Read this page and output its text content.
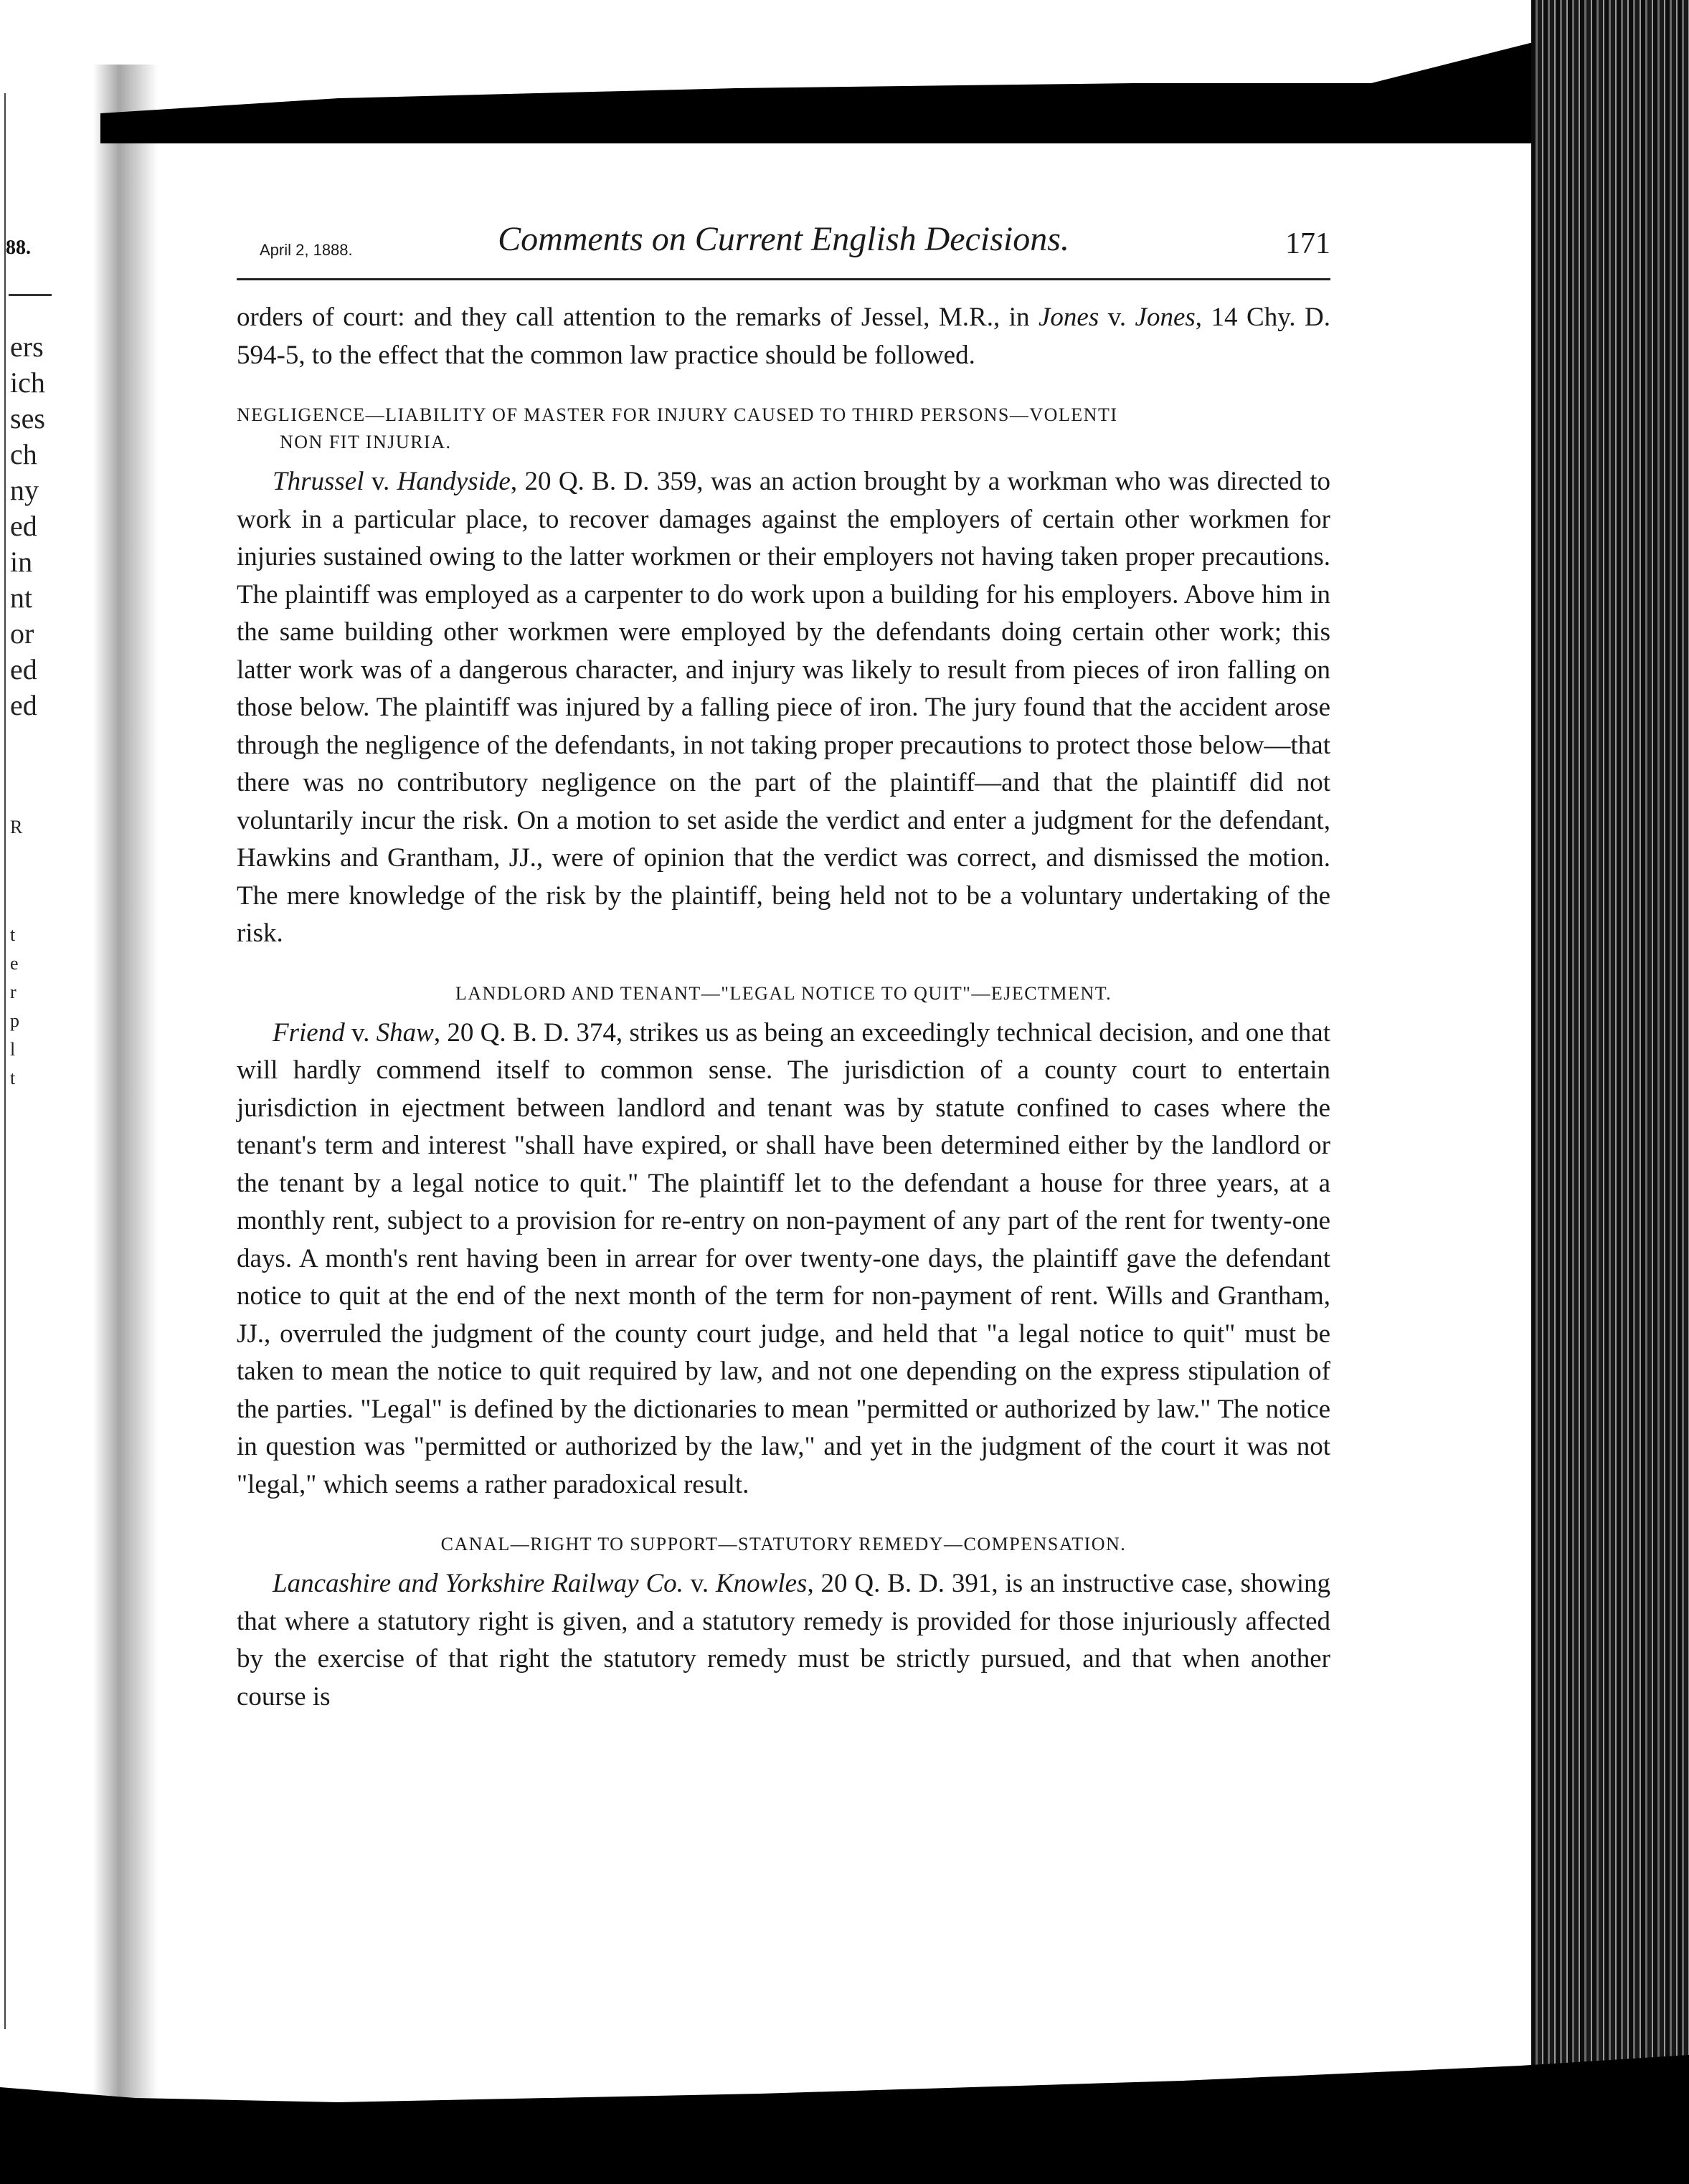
88.
ers
ich
ses
ch
ny
ed
in
nt
or
ed
ed
R
t
e
r
p
l
t
April 2, 1888.	Comments on Current English Decisions.	171

orders of court: and they call attention to the remarks of Jessel, M.R., in Jones v. Jones, 14 Chy. D. 594-5, to the effect that the common law practice should be followed.

NEGLIGENCE—LIABILITY OF MASTER FOR INJURY CAUSED TO THIRD PERSONS—VOLENTI
NON FIT INJURIA.

Thrussel v. Handyside, 20 Q. B. D. 359, was an action brought by a workman who was directed to work in a particular place, to recover damages against the employers of certain other workmen for injuries sustained owing to the latter workmen or their employers not having taken proper precautions. The plaintiff was employed as a carpenter to do work upon a building for his employers. Above him in the same building other workmen were employed by the defendants doing certain other work; this latter work was of a dangerous character, and injury was likely to result from pieces of iron falling on those below. The plaintiff was injured by a falling piece of iron. The jury found that the accident arose through the negligence of the defendants, in not taking proper precautions to protect those below—that there was no contributory negligence on the part of the plaintiff—and that the plaintiff did not voluntarily incur the risk. On a motion to set aside the verdict and enter a judgment for the defendant, Hawkins and Grantham, JJ., were of opinion that the verdict was correct, and dismissed the motion. The mere knowledge of the risk by the plaintiff, being held not to be a voluntary undertaking of the risk.

LANDLORD AND TENANT—"LEGAL NOTICE TO QUIT"—EJECTMENT.

Friend v. Shaw, 20 Q. B. D. 374, strikes us as being an exceedingly technical decision, and one that will hardly commend itself to common sense. The jurisdiction of a county court to entertain jurisdiction in ejectment between landlord and tenant was by statute confined to cases where the tenant's term and interest "shall have expired, or shall have been determined either by the landlord or the tenant by a legal notice to quit." The plaintiff let to the defendant a house for three years, at a monthly rent, subject to a provision for re-entry on non-payment of any part of the rent for twenty-one days. A month's rent having been in arrear for over twenty-one days, the plaintiff gave the defendant notice to quit at the end of the next month of the term for non-payment of rent. Wills and Grantham, JJ., overruled the judgment of the county court judge, and held that "a legal notice to quit" must be taken to mean the notice to quit required by law, and not one depending on the express stipulation of the parties. "Legal" is defined by the dictionaries to mean "permitted or authorized by law." The notice in question was "permitted or authorized by the law," and yet in the judgment of the court it was not "legal," which seems a rather paradoxical result.

CANAL—RIGHT TO SUPPORT—STATUTORY REMEDY—COMPENSATION.

Lancashire and Yorkshire Railway Co. v. Knowles, 20 Q. B. D. 391, is an instructive case, showing that where a statutory right is given, and a statutory remedy is provided for those injuriously affected by the exercise of that right the statutory remedy must be strictly pursued, and that when another course is
